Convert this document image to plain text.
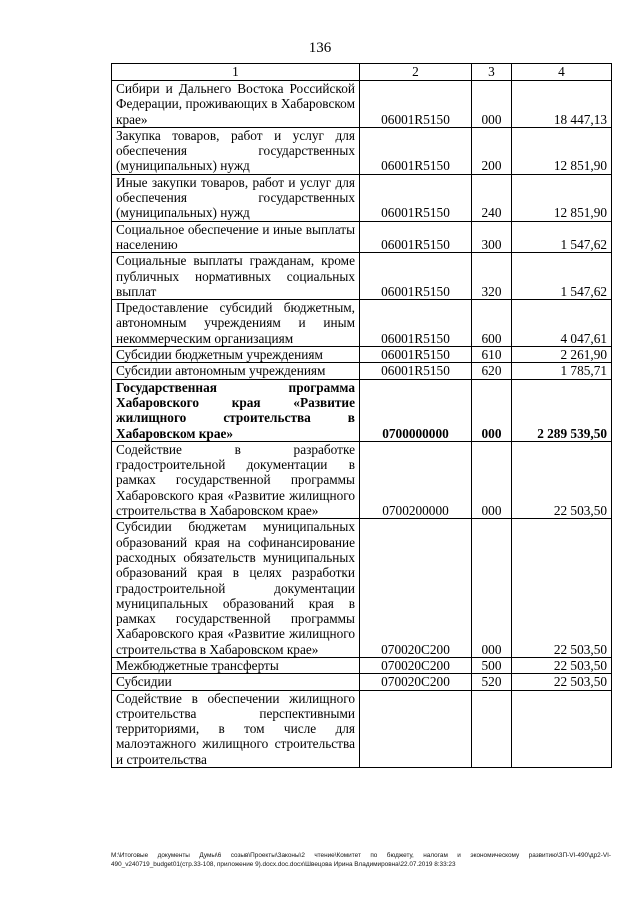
136
1	2	3	4
Сибири и Дальнего Востока Российской Федерации, проживающих в Хабаровском крае»	06001R5150	000	18 447,13
Закупка товаров, работ и услуг для обеспечения государственных (муниципальных) нужд	06001R5150	200	12 851,90
Иные закупки товаров, работ и услуг для обеспечения государственных (муниципальных) нужд	06001R5150	240	12 851,90
Социальное обеспечение и иные выплаты населению	06001R5150	300	1 547,62
Социальные выплаты гражданам, кроме публичных нормативных социальных выплат	06001R5150	320	1 547,62
Предоставление субсидий бюджетным, автономным учреждениям и иным некоммерческим организациям	06001R5150	600	4 047,61
Субсидии бюджетным учреждениям	06001R5150	610	2 261,90
Субсидии автономным учреждениям	06001R5150	620	1 785,71
Государственная программа Хабаровского края «Развитие жилищного строительства в Хабаровском крае»	0700000000	000	2 289 539,50
Содействие в разработке градостроительной документации в рамках государственной программы Хабаровского края «Развитие жилищного строительства в Хабаровском крае»	0700200000	000	22 503,50
Субсидии бюджетам муниципальных образований края на софинансирование расходных обязательств муниципальных образований края в целях разработки градостроительной документации муниципальных образований края в рамках государственной программы Хабаровского края «Развитие жилищного строительства в Хабаровском крае»	070020С200	000	22 503,50
Межбюджетные трансферты	070020С200	500	22 503,50
Субсидии	070020С200	520	22 503,50
Содействие в обеспечении жилищного строительства перспективными территориями, в том числе для малоэтажного жилищного строительства и строительства			
M:\Итоговые документы Думы\6 созыв\Проекты\Законы\2 чтение\Комитет по бюджету, налогам и экономическому развитию\ЗП-VI-490\др2-VI-490_v240719_budget01(стр.33-108, приложение 9).docx.doc.docx\Швецова Ирина Владимировна\22.07.2019 8:33:23
